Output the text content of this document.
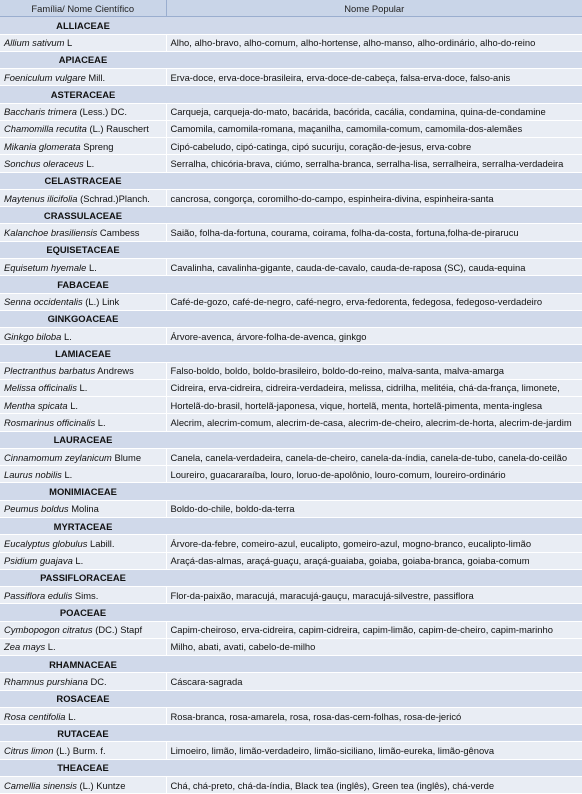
Família/ Nome Científico	Nome Popular
ALLIACEAE	
Allium sativum L	Alho, alho-bravo, alho-comum, alho-hortense, alho-manso, alho-ordinário, alho-do-reino
APIACEAE	
Foeniculum vulgare Mill.	Erva-doce, erva-doce-brasileira, erva-doce-de-cabeça, falsa-erva-doce, falso-anis
ASTERACEAE	
Baccharis trimera (Less.) DC.	Carqueja, carqueja-do-mato, bacárida, bacórida, cacália, condamina, quina-de-condamine
Chamomilla recutita (L.) Rauschert	Camomila, camomila-romana, maçanilha, camomila-comum, camomila-dos-alemães
Mikania glomerata Spreng	Cipó-cabeludo, cipó-catinga, cipó sucuriju, coração-de-jesus, erva-cobre
Sonchus oleraceus L.	Serralha, chicória-brava, ciúmo, serralha-branca, serralha-lisa, serralheira, serralha-verdadeira
CELASTRACEAE	
Maytenus ilicifolia (Schrad.)Planch.	cancrosa, congorça, coromilho-do-campo, espinheira-divina, espinheira-santa
CRASSULACEAE	
Kalanchoe brasiliensis Cambess	Saião, folha-da-fortuna, courama, coirama, folha-da-costa, fortuna,folha-de-pirarucu
EQUISETACEAE	
Equisetum hyemale L.	Cavalinha, cavalinha-gigante, cauda-de-cavalo, cauda-de-raposa (SC), cauda-equina
FABACEAE	
Senna occidentalis (L.) Link	Café-de-gozo, café-de-negro, café-negro, erva-fedorenta, fedegosa, fedegoso-verdadeiro
GINKGOACEAE	
Ginkgo biloba L.	Árvore-avenca, árvore-folha-de-avenca, ginkgo
LAMIACEAE	
Plectranthus barbatus Andrews	Falso-boldo, boldo, boldo-brasileiro, boldo-do-reino, malva-santa, malva-amarga
Melissa officinalis L.	Cidreira, erva-cidreira, cidreira-verdadeira, melissa, cidrilha, melitéia, chá-da-frança, limonete,
Mentha spicata L.	Hortelã-do-brasil, hortelã-japonesa, vique, hortelã, menta, hortelã-pimenta, menta-inglesa
Rosmarinus officinalis L.	Alecrim, alecrim-comum, alecrim-de-casa, alecrim-de-cheiro, alecrim-de-horta, alecrim-de-jardim
LAURACEAE	
Cinnamomum zeylanicum Blume	Canela, canela-verdadeira, canela-de-cheiro, canela-da-índia, canela-de-tubo, canela-do-ceilão
Laurus nobilis L.	Loureiro, guacararaíba, louro, loruo-de-apolônio, louro-comum, loureiro-ordinário
MONIMIACEAE	
Peumus boldus Molina	Boldo-do-chile, boldo-da-terra
MYRTACEAE	
Eucalyptus globulus Labill.	Árvore-da-febre, comeiro-azul, eucalipto, gomeiro-azul, mogno-branco, eucalipto-limão
Psidium guajava L.	Araçá-das-almas, araçá-guaçu, araçá-guaiaba, goiaba, goiaba-branca, goiaba-comum
PASSIFLORACEAE	
Passiflora edulis Sims.	Flor-da-paixão, maracujá, maracujá-gauçu, maracujá-silvestre, passiflora
POACEAE	
Cymbopogon citratus (DC.) Stapf	Capim-cheiroso, erva-cidreira, capim-cidreira, capim-limão, capim-de-cheiro, capim-marinho
Zea mays L.	Milho, abati, avati, cabelo-de-milho
RHAMNACEAE	
Rhamnus purshiana DC.	Cáscara-sagrada
ROSACEAE	
Rosa centifolia L.	Rosa-branca, rosa-amarela, rosa, rosa-das-cem-folhas, rosa-de-jericó
RUTACEAE	
Citrus limon (L.) Burm. f.	Limoeiro, limão, limão-verdadeiro, limão-siciliano, limão-eureka, limão-gênova
THEACEAE	
Camellia sinensis (L.) Kuntze	Chá, chá-preto, chá-da-índia, Black tea (inglês), Green tea (inglês), chá-verde
